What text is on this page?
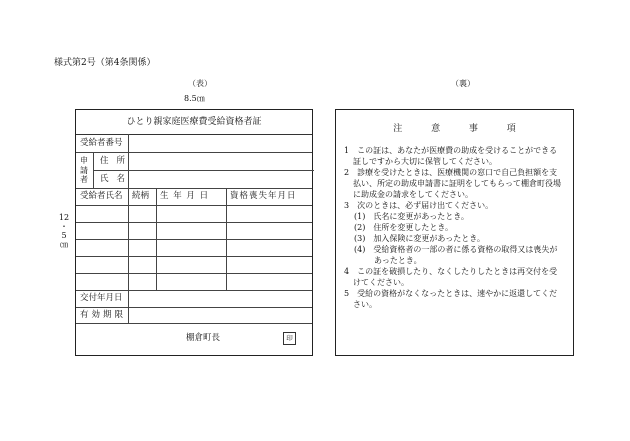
様式第2号（第4条関係）
（表）	（裏）
8.5㎝
12
・
5
㎝
ひとり親家庭医療費受給資格者証
受給者番号
申請者
住所
氏名
受給者氏名 続柄 生 年 月 日 資格喪失年月日
交付年月日
有効期限
棚倉町長	印
注 意 事 項
1　この証は、あなたが医療費の助成を受けることができる
証しですから大切に保管してください。
2　診療を受けたときは、医療機関の窓口で自己負担額を支
払い、所定の助成申請書に証明をしてもらって棚倉町役場
に助成金の請求をしてください。
3　次のときは、必ず届け出てください。
(1)　氏名に変更があったとき。
(2)　住所を変更したとき。
(3)　加入保険に変更があったとき。
(4)　受給資格者の一部の者に係る資格の取得又は喪失が
あったとき。
4　この証を破損したり、なくしたりしたときは再交付を受
けてください。
5　受給の資格がなくなったときは、速やかに返還してくだ
さい。
